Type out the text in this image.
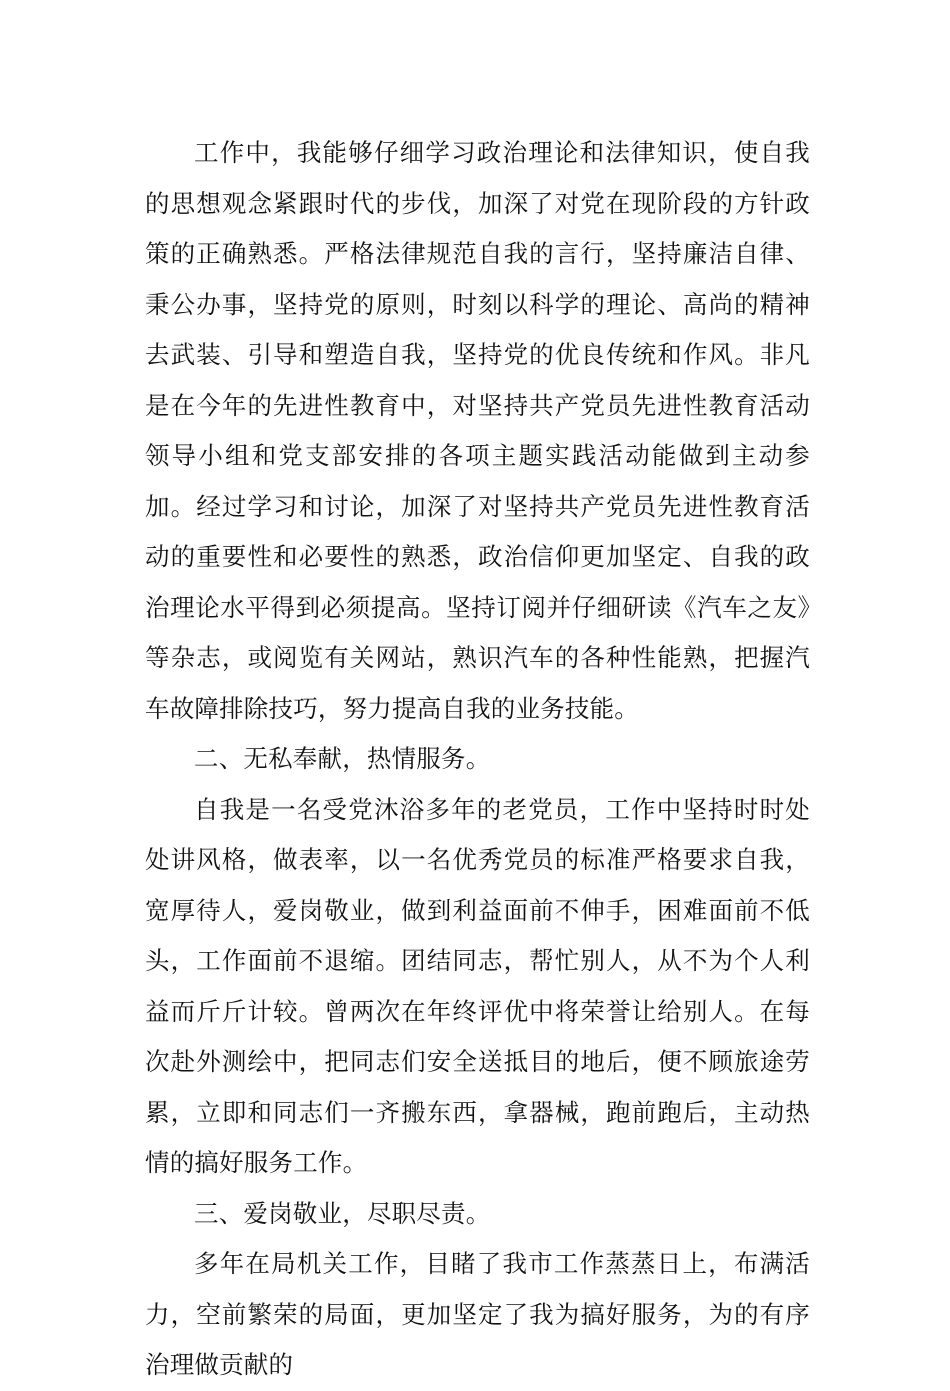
工作中，我能够仔细学习政治理论和法律知识，使自我的思想观念紧跟时代的步伐，加深了对党在现阶段的方针政策的正确熟悉。严格法律规范自我的言行，坚持廉洁自律、秉公办事，坚持党的原则，时刻以科学的理论、高尚的精神去武装、引导和塑造自我，坚持党的优良传统和作风。非凡是在今年的先进性教育中，对坚持共产党员先进性教育活动领导小组和党支部安排的各项主题实践活动能做到主动参加。经过学习和讨论，加深了对坚持共产党员先进性教育活动的重要性和必要性的熟悉，政治信仰更加坚定、自我的政治理论水平得到必须提高。坚持订阅并仔细研读《汽车之友》等杂志，或阅览有关网站，熟识汽车的各种性能熟，把握汽车故障排除技巧，努力提高自我的业务技能。

二、无私奉献，热情服务。

自我是一名受党沐浴多年的老党员，工作中坚持时时处处讲风格，做表率，以一名优秀党员的标准严格要求自我，宽厚待人，爱岗敬业，做到利益面前不伸手，困难面前不低头，工作面前不退缩。团结同志，帮忙别人，从不为个人利益而斤斤计较。曾两次在年终评优中将荣誉让给别人。在每次赴外测绘中，把同志们安全送抵目的地后，便不顾旅途劳累，立即和同志们一齐搬东西，拿器械，跑前跑后，主动热情的搞好服务工作。

三、爱岗敬业，尽职尽责。

多年在局机关工作，目睹了我市工作蒸蒸日上，布满活力，空前繁荣的局面，更加坚定了我为搞好服务，为的有序治理做贡献的
